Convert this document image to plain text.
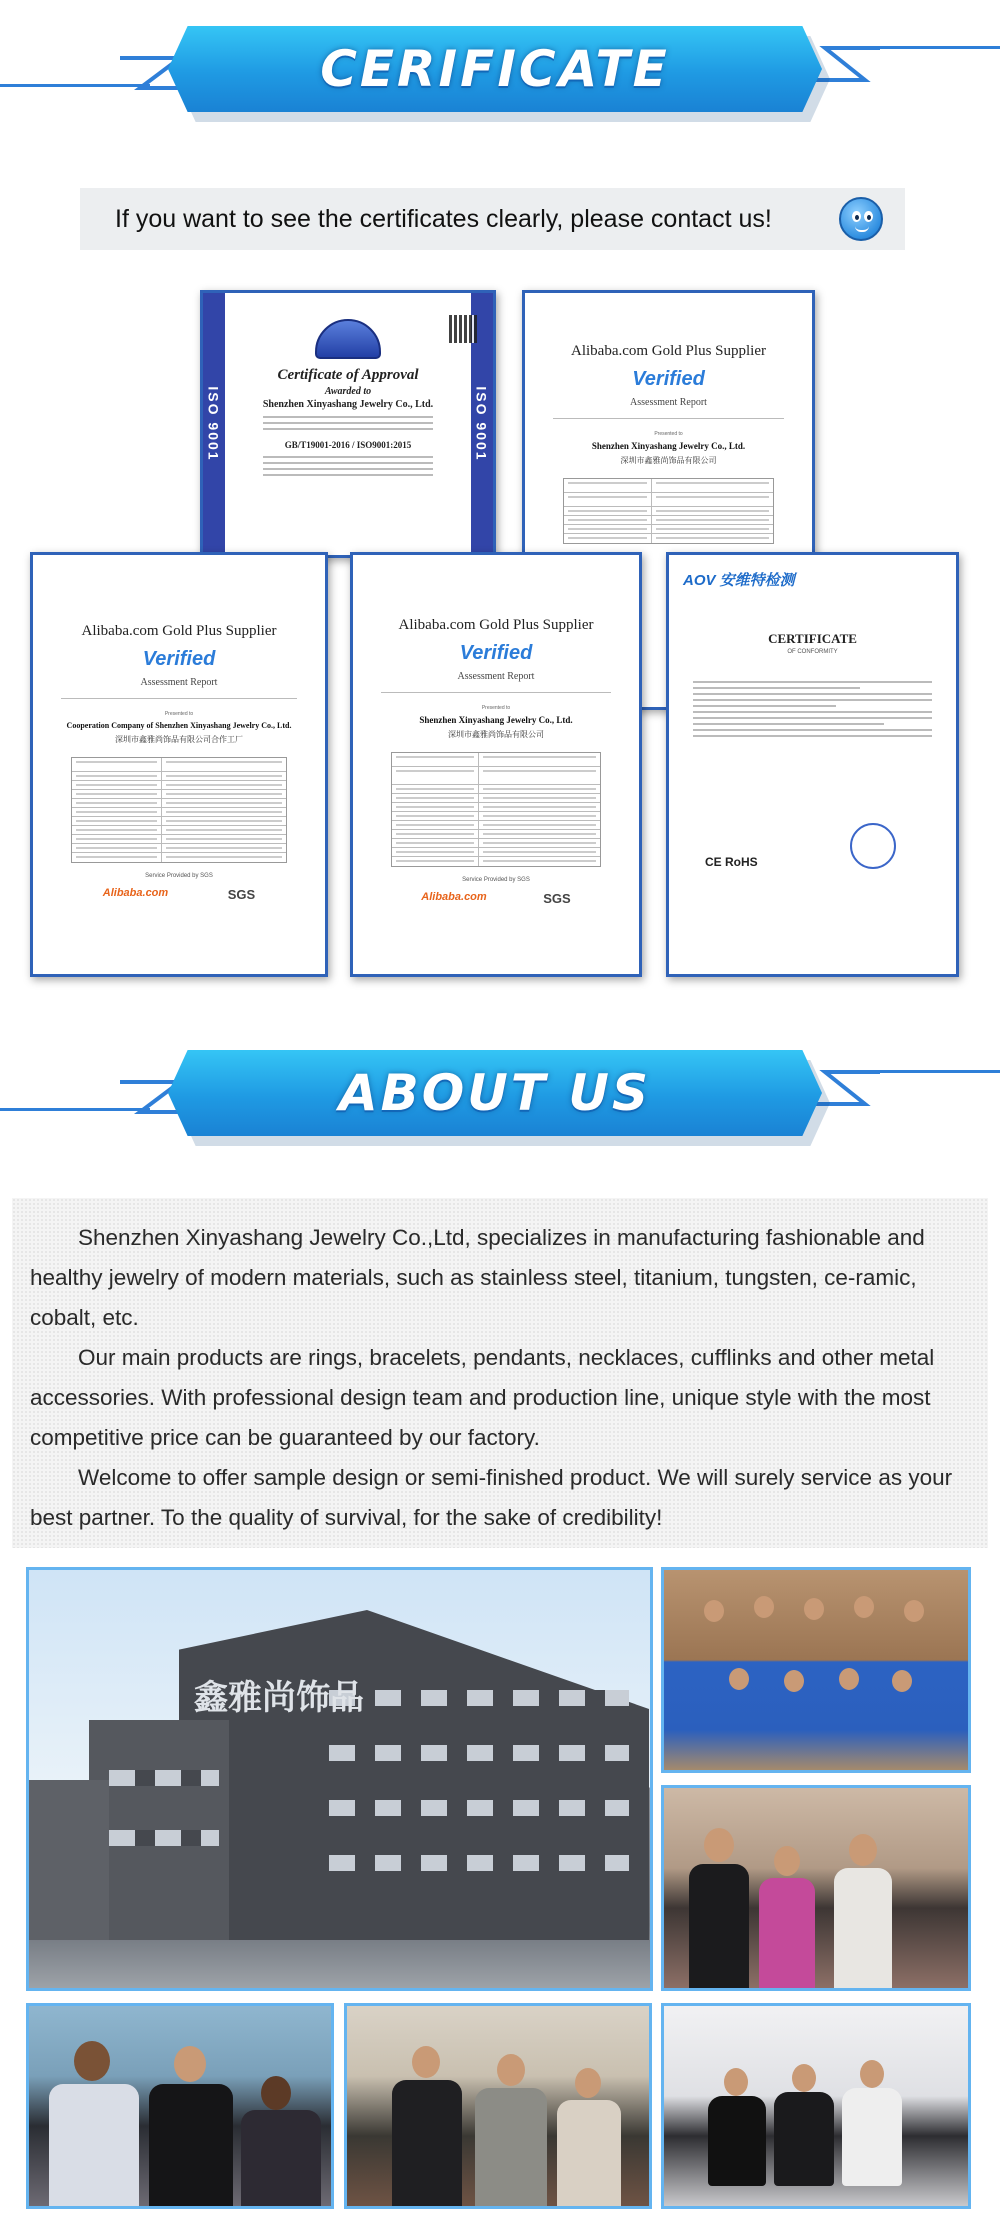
CERIFICATE
If you want to see the certificates clearly, please contact us!
ISO 9001	ISO 9001
Certificate of Approval
Awarded to
Shenzhen Xinyashang Jewelry Co., Ltd.
GB/T19001-2016 / ISO9001:2015
Alibaba.com Gold Plus Supplier
Verified
Assessment Report
Presented to
Shenzhen Xinyashang Jewelry Co., Ltd.
深圳市鑫雅尚饰品有限公司
Alibaba.com Gold Plus Supplier
Verified
Assessment Report
Presented to
Cooperation Company of Shenzhen Xinyashang Jewelry Co., Ltd.
深圳市鑫雅尚饰品有限公司合作工厂
Service Provided by SGS
Alibaba.com	SGS
Alibaba.com Gold Plus Supplier
Verified
Assessment Report
Presented to
Shenzhen Xinyashang Jewelry Co., Ltd.
深圳市鑫雅尚饰品有限公司
Service Provided by SGS
Alibaba.com	SGS
AOV 安维特检测
CERTIFICATE
OF CONFORMITY
CE RoHS
ABOUT US

Shenzhen Xinyashang Jewelry Co.,Ltd, specializes in manufacturing fashionable and healthy jewelry of modern materials, such as stainless steel, titanium, tungsten, ce-ramic, cobalt, etc.

Our main products are rings, bracelets, pendants, necklaces, cufflinks and other metal accessories. With professional design team and production line, unique style with the most competitive price can be guaranteed by our factory.

Welcome to offer sample design or semi-finished product. We will surely service as your best partner. To the quality of survival, for the sake of credibility!

鑫雅尚饰品
